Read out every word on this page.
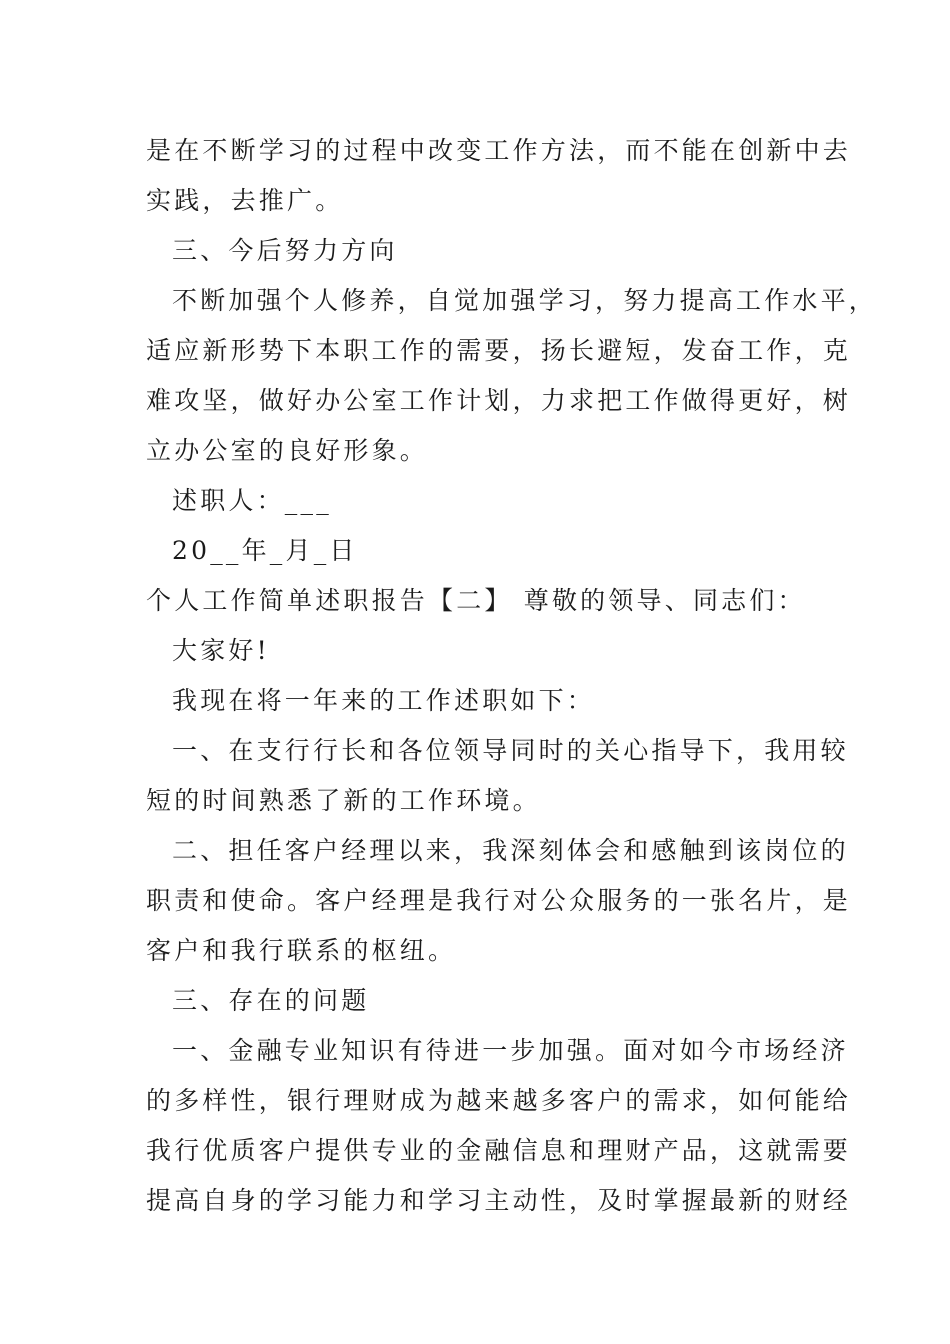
是在不断学习的过程中改变工作方法，而不能在创新中去
实践，去推广。
三、今后努力方向
不断加强个人修养，自觉加强学习，努力提高工作水平，
适应新形势下本职工作的需要，扬长避短，发奋工作，克
难攻坚，做好办公室工作计划，力求把工作做得更好，树
立办公室的良好形象。
述职人：___
20__年_月_日
个人工作简单述职报告【二】 尊敬的领导、同志们：
大家好!
我现在将一年来的工作述职如下：
一、在支行行长和各位领导同时的关心指导下，我用较
短的时间熟悉了新的工作环境。
二、担任客户经理以来，我深刻体会和感触到该岗位的
职责和使命。客户经理是我行对公众服务的一张名片，是
客户和我行联系的枢纽。
三、存在的问题
一、金融专业知识有待进一步加强。面对如今市场经济
的多样性，银行理财成为越来越多客户的需求，如何能给
我行优质客户提供专业的金融信息和理财产品，这就需要
提高自身的学习能力和学习主动性，及时掌握最新的财经
